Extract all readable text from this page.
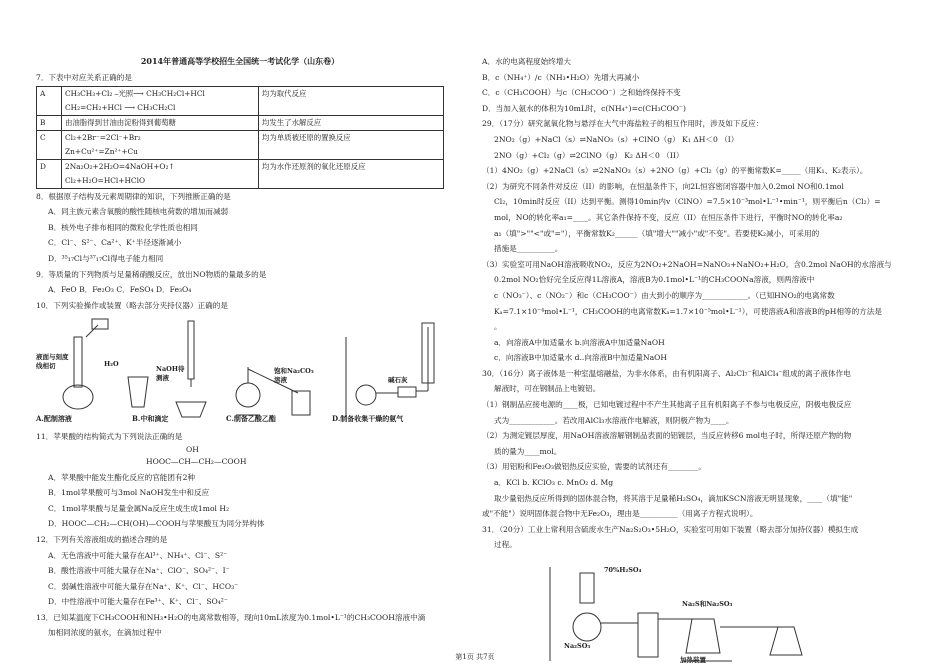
2014年普通高等学校招生全国统一考试化学（山东卷）
7．下表中对应关系正确的是
A	CH₃CH₃+Cl₂ ⎯光照⟶ CH₃CH₂Cl+HCl
CH₂=CH₂+HCl ⟶ CH₃CH₂Cl	均为取代反应
B	由油脂得到甘油由淀粉得到葡萄糖	均发生了水解反应
C	Cl₂+2Br⁻=2Cl⁻+Br₂
Zn+Cu²⁺=Zn²⁺+Cu	均为单质被还原的置换反应
D	2Na₂O₂+2H₂O=4NaOH+O₂↑
Cl₂+H₂O=HCl+HClO	均为水作还原剂的氧化还原反应
8．根据原子结构及元素周期律的知识，下列推断正确的是
A．同主族元素含氧酸的酸性随核电荷数的增加而减弱
B．核外电子排布相同的微粒化学性质也相同
C．Cl⁻、S²⁻、Ca²⁺、K⁺半径逐渐减小
D．³⁵₁₇Cl与³⁷₁₇Cl得电子能力相同
9．等质量的下列物质与足量稀硝酸反应，放出NO物质的量最多的是
A．FeO B．Fe₂O₃ C．FeSO₄ D．Fe₃O₄
10．下列实验操作或装置（略去部分夹持仪器）正确的是
液面与刻度线相切	H₂O
NaOH待测液
饱和Na₂CO₃溶液	碱石灰
A.配制溶液	B.中和滴定	C.制备乙酸乙酯	D.制备收集干燥的氨气
11．苹果酸的结构简式为下列说法正确的是
OH
HOOC—CH—CH₂—COOH
A．苹果酸中能发生酯化反应的官能团有2种
B．1mol苹果酸可与3mol NaOH发生中和反应
C．1mol苹果酸与足量金属Na反应生成生成1mol H₂
D．HOOC—CH₂—CH(OH)—COOH与苹果酸互为同分异构体
12．下列有关溶液组成的描述合理的是
A．无色溶液中可能大量存在Al³⁺、NH₄⁺、Cl⁻、S²⁻
B．酸性溶液中可能大量存在Na⁺、ClO⁻、SO₄²⁻、I⁻
C．弱碱性溶液中可能大量存在Na⁺、K⁺、Cl⁻、HCO₃⁻
D．中性溶液中可能大量存在Fe³⁺、K⁺、Cl⁻、SO₄²⁻
13．已知某温度下CH₃COOH和NH₃•H₂O的电离常数相等，现向10mL浓度为0.1mol•L⁻¹的CH₃COOH溶液中滴
加相同浓度的氨水，在滴加过程中
A．水的电离程度始终增大
B．c（NH₄⁺）/c（NH₃•H₂O）先增大再减小
C．c（CH₃COOH）与c（CH₃COO⁻）之和始终保持不变
D．当加入氨水的体积为10mL时，c(NH₄⁺)=c(CH₃COO⁻)
29．（17分）研究氮氧化物与悬浮在大气中海盐粒子的相互作用时，涉及如下反应：
2NO₂（g）+NaCl（s）⇌NaNO₃（s）+ClNO（g） K₁ ΔH＜0 （I）
2NO（g）+Cl₂（g）⇌2ClNO（g） K₂ ΔH＜0 （II）
（1）4NO₂（g）+2NaCl（s）⇌2NaNO₃（s）+2NO（g）+Cl₂（g）的平衡常数K=_____（用K₁、K₂表示）。
（2）为研究不同条件对反应（II）的影响，在恒温条件下，向2L恒容密闭容器中加入0.2mol NO和0.1mol
Cl₂，10min时反应（II）达到平衡。测得10min内v（ClNO）=7.5×10⁻³mol•L⁻¹•min⁻¹，则平衡后n（Cl₂）=
mol，NO的转化率a₁=____。其它条件保持不变，反应（II）在恒压条件下进行，平衡时NO的转化率a₂
a₁（填">""<"或"="），平衡常数K₂______（填"增大""减小"或"不变"。若要使K₂减小，可采用的
措施是__________。
（3）实验室可用NaOH溶液吸收NO₂，反应为2NO₂+2NaOH=NaNO₃+NaNO₂+H₂O。含0.2mol NaOH的水溶液与
0.2mol NO₂恰好完全反应得1L溶液A，溶液B为0.1mol•L⁻¹的CH₃COONa溶液，则两溶液中
c（NO₃⁻）、c（NO₂⁻）和c（CH₃COO⁻）由大到小的顺序为____________。（已知HNO₂的电离常数
Kₐ=7.1×10⁻⁴mol•L⁻¹，CH₃COOH的电离常数Kₐ=1.7×10⁻⁵mol•L⁻¹），可使溶液A和溶液B的pH相等的方法是
。
a．向溶液A中加适量水 b.向溶液A中加适量NaOH
c．向溶液B中加适量水 d..向溶液B中加适量NaOH
30．（16分）离子液体是一种室温熔融盐，为非水体系，由有机阳离子、Al₂Cl₇⁻和AlCl₄⁻组成的离子液体作电
解液时，可在钢制品上电镀铝。
（1）钢制品应接电源的____极，已知电镀过程中不产生其他离子且有机阳离子不参与电极反应，阴极电极反应
式为____________。若改用AlCl₃水溶液作电解液，则阴极产物为____。
（2）为测定镀层厚度，用NaOH溶液溶解钢制品表面的铝镀层，当反应转移6 mol电子时，所得还原产物的物
质的量为____mol。
（3）用铝粉和Fe₂O₃做铝热反应实验，需要的试剂还有________。
a．KCl b. KClO₃ c. MnO₂ d. Mg
取少量铝热反应所得到的固体混合物，将其溶于足量稀H₂SO₄，滴加KSCN溶液无明显现象，____（填"能"
或"不能"）说明固体混合物中无Fe₂O₃，理由是__________（用离子方程式说明）。
31．（20分）工业上常利用含硫废水生产Na₂S₂O₃•5H₂O，实验室可用如下装置（略去部分加持仪器）模拟生成
过程。
70%H₂SO₄
Na₂SO₃
Na₂S和Na₂SO₃
加热装置
第1页 共7页
